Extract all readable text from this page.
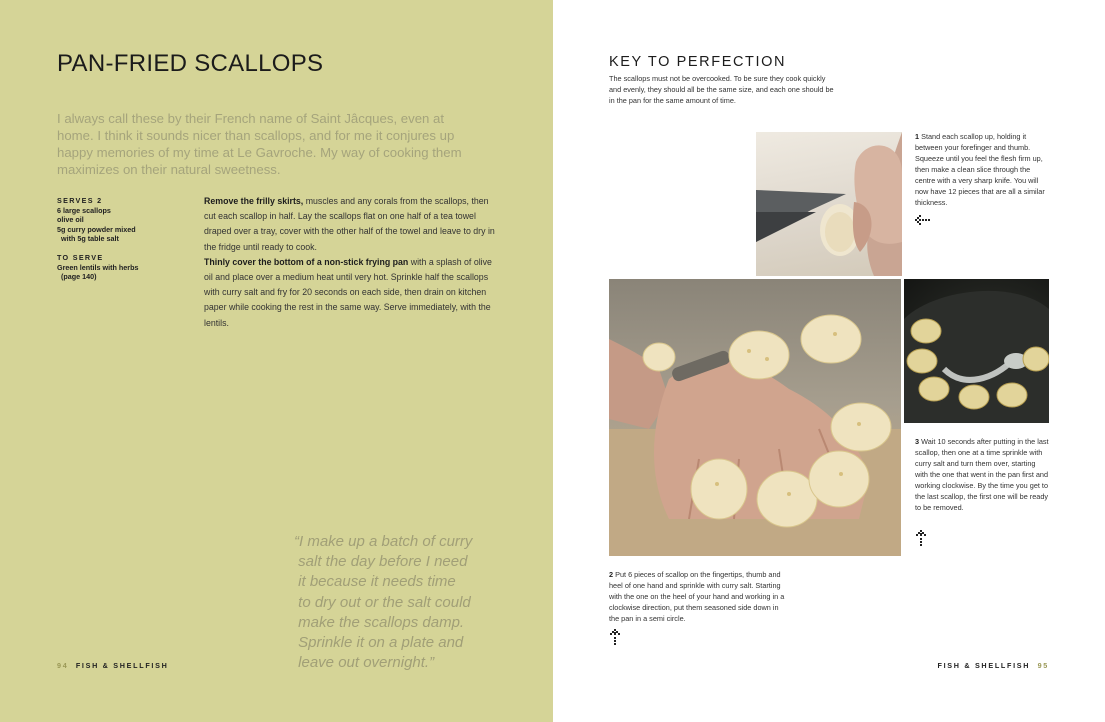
PAN-FRIED SCALLOPS
I always call these by their French name of Saint Jâcques, even at home. I think it sounds nicer than scallops, and for me it conjures up happy memories of my time at Le Gavroche. My way of cooking them maximizes on their natural sweetness.
SERVES 2
6 large scallops
olive oil
5g curry powder mixed
with 5g table salt
TO SERVE
Green lentils with herbs
(page 140)

Remove the frilly skirts, muscles and any corals from the scallops, then cut each scallop in half. Lay the scallops flat on one half of a tea towel draped over a tray, cover with the other half of the towel and leave to dry in the fridge until ready to cook.

Thinly cover the bottom of a non-stick frying pan with a splash of olive oil and place over a medium heat until very hot. Sprinkle half the scallops with curry salt and fry for 20 seconds on each side, then drain on kitchen paper while cooking the rest in the same way. Serve immediately, with the lentils.

“I make up a batch of curry
salt the day before I need
it because it needs time
to dry out or the salt could
make the scallops damp.
Sprinkle it on a plate and
leave out overnight.”
94 FISH & SHELLFISH
KEY TO PERFECTION
The scallops must not be overcooked. To be sure they cook quickly and evenly, they should all be the same size, and each one should be in the pan for the same amount of time.
1 Stand each scallop up, holding it between your forefinger and thumb. Squeeze until you feel the flesh firm up, then make a clean slice through the centre with a very sharp knife. You will now have 12 pieces that are all a similar thickness.
2 Put 6 pieces of scallop on the fingertips, thumb and heel of one hand and sprinkle with curry salt. Starting with the one on the heel of your hand and working in a clockwise direction, put them seasoned side down in the pan in a semi circle.
3 Wait 10 seconds after putting in the last scallop, then one at a time sprinkle with curry salt and turn them over, starting with the one that went in the pan first and working clockwise. By the time you get to the last scallop, the first one will be ready to be removed.
FISH & SHELLFISH 95
